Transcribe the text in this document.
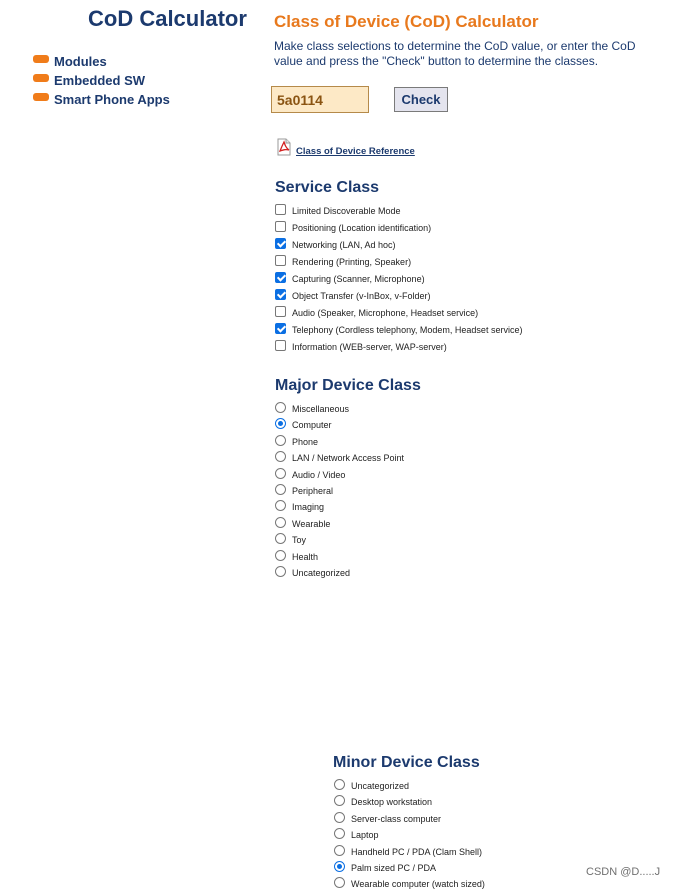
CoD Calculator
Modules
Embedded SW
Smart Phone Apps
Class of Device (CoD) Calculator

Make class selections to determine the CoD value, or enter the CoD value and press the "Check" button to determine the classes.

5a0114
Check
Class of Device Reference
Service Class
Limited Discoverable Mode
Positioning (Location identification)
Networking (LAN, Ad hoc)
Rendering (Printing, Speaker)
Capturing (Scanner, Microphone)
Object Transfer (v-InBox, v-Folder)
Audio (Speaker, Microphone, Headset service)
Telephony (Cordless telephony, Modem, Headset service)
Information (WEB-server, WAP-server)
Major Device Class
Miscellaneous
Computer
Phone
LAN / Network Access Point
Audio / Video
Peripheral
Imaging
Wearable
Toy
Health
Uncategorized
Minor Device Class
Uncategorized
Desktop workstation
Server-class computer
Laptop
Handheld PC / PDA (Clam Shell)
Palm sized PC / PDA
Wearable computer (watch sized)
CSDN @D.....J
